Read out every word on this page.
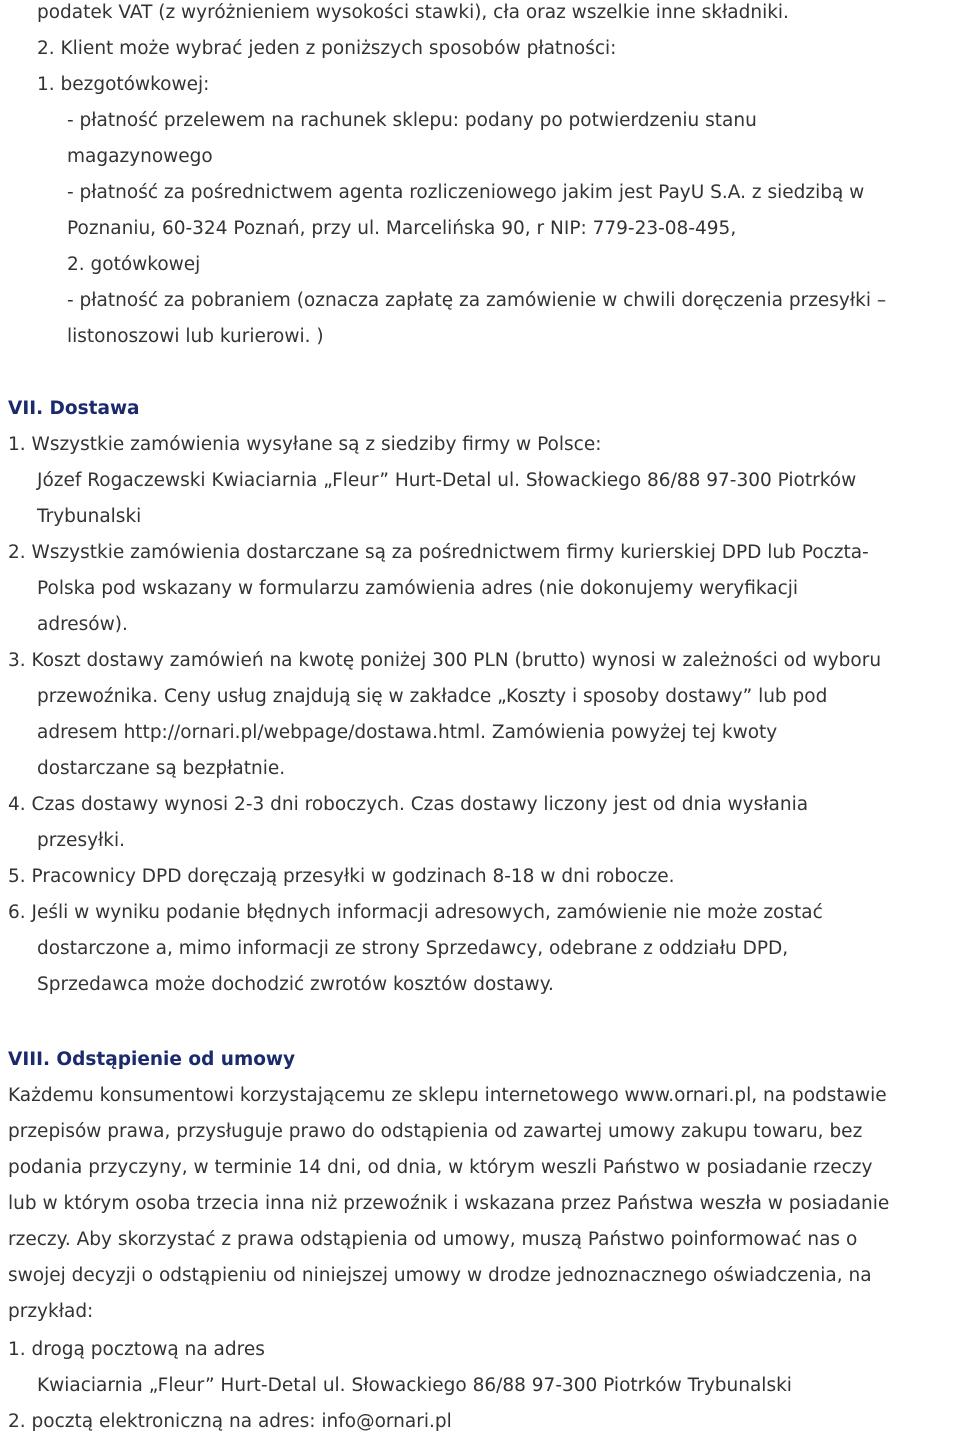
podatek VAT (z wyróżnieniem wysokości stawki), cła oraz wszelkie inne składniki.
2. Klient może wybrać jeden z poniższych sposobów płatności:
1. bezgotówkowej:
- płatność przelewem na rachunek sklepu: podany po potwierdzeniu stanu
magazynowego
- płatność za pośrednictwem agenta rozliczeniowego jakim jest PayU S.A. z siedzibą w
Poznaniu, 60-324 Poznań, przy ul. Marcelińska 90, r NIP: 779-23-08-495,
2. gotówkowej
- płatność za pobraniem (oznacza zapłatę za zamówienie w chwili doręczenia przesyłki –
listonoszowi lub kurierowi. )
VII. Dostawa
1. Wszystkie zamówienia wysyłane są z siedziby firmy w Polsce:
Józef Rogaczewski Kwiaciarnia „Fleur” Hurt-Detal ul. Słowackiego 86/88 97-300 Piotrków
Trybunalski
2. Wszystkie zamówienia dostarczane są za pośrednictwem firmy kurierskiej DPD lub Poczta-
Polska pod wskazany w formularzu zamówienia adres (nie dokonujemy weryfikacji
adresów).
3. Koszt dostawy zamówień na kwotę poniżej 300 PLN (brutto) wynosi w zależności od wyboru
przewoźnika. Ceny usług znajdują się w zakładce „Koszty i sposoby dostawy” lub pod
adresem http://ornari.pl/webpage/dostawa.html. Zamówienia powyżej tej kwoty
dostarczane są bezpłatnie.
4. Czas dostawy wynosi 2-3 dni roboczych. Czas dostawy liczony jest od dnia wysłania
przesyłki.
5. Pracownicy DPD doręczają przesyłki w godzinach 8-18 w dni robocze.
6. Jeśli w wyniku podanie błędnych informacji adresowych, zamówienie nie może zostać
dostarczone a, mimo informacji ze strony Sprzedawcy, odebrane z oddziału DPD,
Sprzedawca może dochodzić zwrotów kosztów dostawy.
VIII. Odstąpienie od umowy
Każdemu konsumentowi korzystającemu ze sklepu internetowego www.ornari.pl, na podstawie
przepisów prawa, przysługuje prawo do odstąpienia od zawartej umowy zakupu towaru, bez
podania przyczyny, w terminie 14 dni, od dnia, w którym weszli Państwo w posiadanie rzeczy
lub w którym osoba trzecia inna niż przewoźnik i wskazana przez Państwa weszła w posiadanie
rzeczy. Aby skorzystać z prawa odstąpienia od umowy, muszą Państwo poinformować nas o
swojej decyzji o odstąpieniu od niniejszej umowy w drodze jednoznacznego oświadczenia, na
przykład:
1. drogą pocztową na adres
Kwiaciarnia „Fleur” Hurt-Detal ul. Słowackiego 86/88 97-300 Piotrków Trybunalski
2. pocztą elektroniczną na adres: info@ornari.pl
